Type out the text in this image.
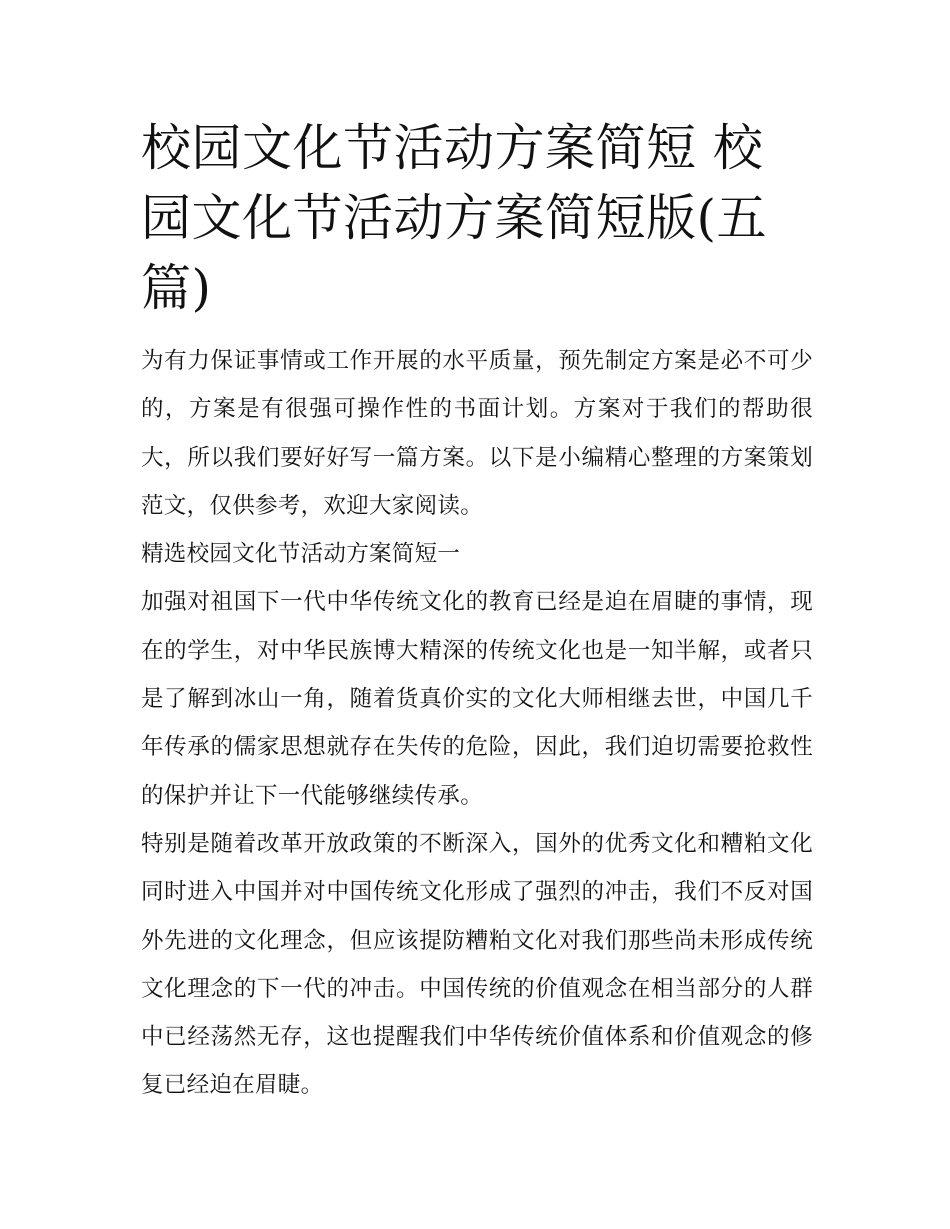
校园文化节活动方案简短 校园文化节活动方案简短版(五篇)

为有力保证事情或工作开展的水平质量，预先制定方案是必不可少的，方案是有很强可操作性的书面计划。方案对于我们的帮助很大，所以我们要好好写一篇方案。以下是小编精心整理的方案策划范文，仅供参考，欢迎大家阅读。

精选校园文化节活动方案简短一

加强对祖国下一代中华传统文化的教育已经是迫在眉睫的事情，现在的学生，对中华民族博大精深的传统文化也是一知半解，或者只是了解到冰山一角，随着货真价实的文化大师相继去世，中国几千年传承的儒家思想就存在失传的危险，因此，我们迫切需要抢救性的保护并让下一代能够继续传承。

特别是随着改革开放政策的不断深入，国外的优秀文化和糟粕文化同时进入中国并对中国传统文化形成了强烈的冲击，我们不反对国外先进的文化理念，但应该提防糟粕文化对我们那些尚未形成传统文化理念的下一代的冲击。中国传统的价值观念在相当部分的人群中已经荡然无存，这也提醒我们中华传统价值体系和价值观念的修复已经迫在眉睫。
